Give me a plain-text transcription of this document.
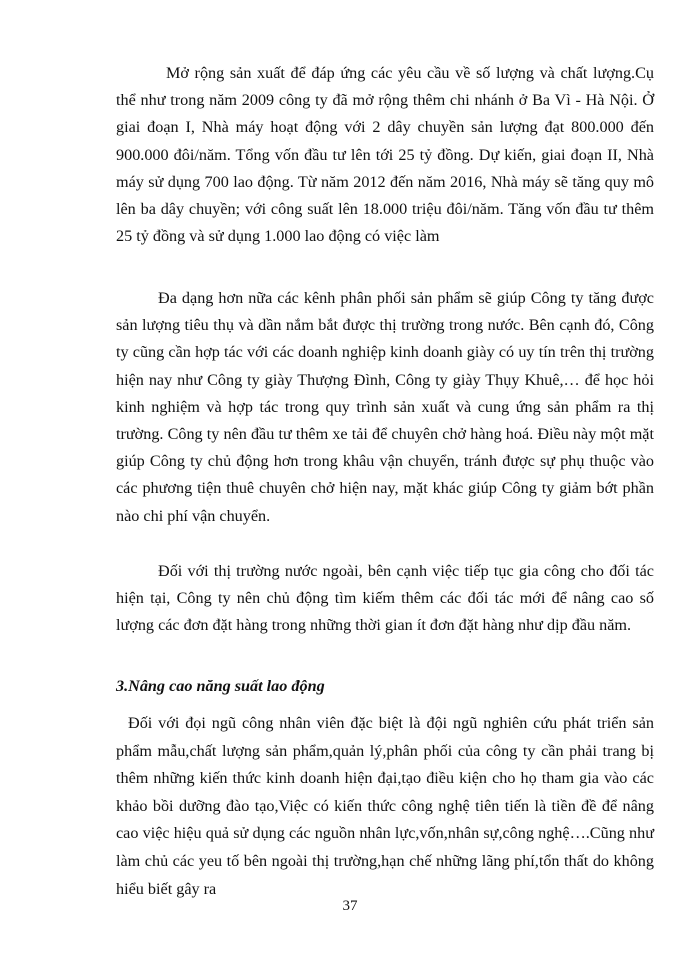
Mở rộng sản xuất để đáp ứng các yêu cầu về số lượng và chất lượng.Cụ thể như trong năm 2009 công ty đã mở rộng thêm chi nhánh ở Ba Vì - Hà Nội. Ở giai đoạn I, Nhà máy hoạt động với 2 dây chuyền sản lượng đạt 800.000 đến 900.000 đôi/năm. Tổng vốn đầu tư lên tới 25 tỷ đồng. Dự kiến, giai đoạn II, Nhà máy sử dụng 700 lao động. Từ năm 2012 đến năm 2016, Nhà máy sẽ tăng quy mô lên ba dây chuyền; với công suất lên 18.000 triệu đôi/năm. Tăng vốn đầu tư thêm 25 tỷ đồng và sử dụng 1.000 lao động có việc làm

Đa dạng hơn nữa các kênh phân phối sản phẩm sẽ giúp Công ty tăng được sản lượng tiêu thụ và dần nắm bắt được thị trường trong nước. Bên cạnh đó, Công ty cũng cần hợp tác với các doanh nghiệp kinh doanh giày có uy tín trên thị trường hiện nay như Công ty giày Thượng Đình, Công ty giày Thụy Khuê,… để học hỏi kinh nghiệm và hợp tác trong quy trình sản xuất và cung ứng sản phẩm ra thị trường. Công ty nên đầu tư thêm xe tải để chuyên chở hàng hoá. Điều này một mặt giúp Công ty chủ động hơn trong khâu vận chuyển, tránh được sự phụ thuộc vào các phương tiện thuê chuyên chở hiện nay, mặt khác giúp Công ty giảm bớt phần nào chi phí vận chuyển.

Đối với thị trường nước ngoài, bên cạnh việc tiếp tục gia công cho đối tác hiện tại, Công ty nên chủ động tìm kiếm thêm các đối tác mới để nâng cao số lượng các đơn đặt hàng trong những thời gian ít đơn đặt hàng như dịp đầu năm.

3.Nâng cao năng suất lao động

Đối với đọi ngũ công nhân viên đặc biệt là đội ngũ nghiên cứu phát triển sản phẩm mẫu,chất lượng sản phẩm,quản lý,phân phối của công ty cần phải trang bị thêm những kiến thức kinh doanh hiện đại,tạo điều kiện cho họ tham gia vào các khảo bồi dưỡng đào tạo,Việc có kiến thức công nghệ tiên tiến là tiền đề để nâng cao việc hiệu quả sử dụng các nguồn nhân lực,vốn,nhân sự,công nghệ….Cũng như làm chủ các yeu tố bên ngoài thị trường,hạn chế những lãng phí,tổn thất do không hiểu biết gây ra

37
